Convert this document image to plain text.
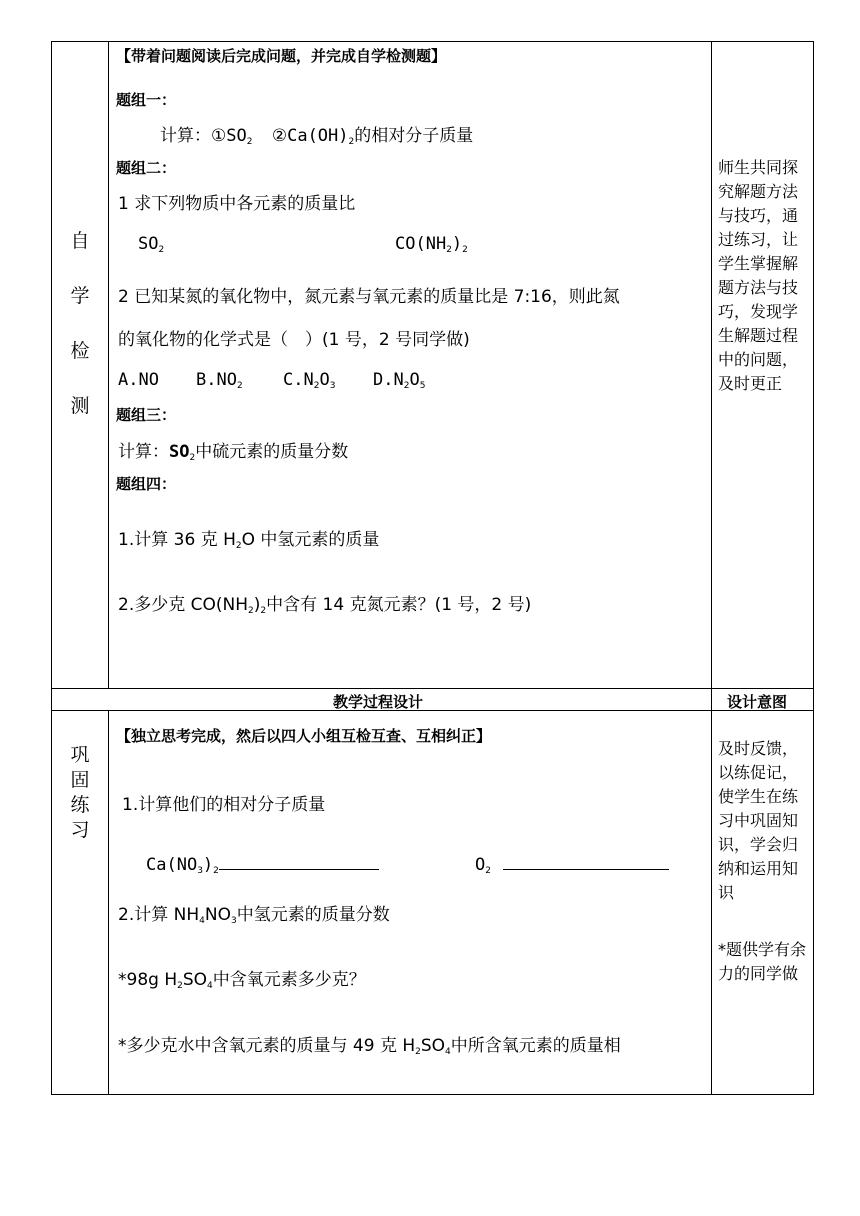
自
学
检
测
【带着问题阅读后完成问题，并完成自学检测题】
题组一：
计算：$①SO_2$ $②Ca(OH)_2$的相对分子质量
题组二：
1 求下列物质中各元素的质量比
$SO_2$	$CO(NH_2)_2$
2 已知某氮的氧化物中，氮元素与氧元素的质量比是 7:16，则此氮
的氧化物的化学式是（　）(1 号，2 号同学做)
A.NO $B.NO_2$ $C.N_2O_3$ $D.N_2O_5$
题组三：
计算：$SO_2$中硫元素的质量分数
题组四：
1.计算 36 克 $H_2O$ 中氢元素的质量
2.多少克 $CO(NH_2)_2$中含有 14 克氮元素？(1 号，2 号)
师生共同探究解题方法与技巧，通过练习，让学生掌握解题方法与技巧，发现学生解题过程中的问题，及时更正
教学过程设计	设计意图
巩
固
练
习
【独立思考完成，然后以四人小组互检互查、互相纠正】
1.计算他们的相对分子质量
$Ca(NO_3)_2$	$O_2$
2.计算 $NH_4NO_3$中氢元素的质量分数
*98g $H_2SO_4$中含氧元素多少克？
*多少克水中含氧元素的质量与 49 克 $H_2SO_4$中所含氧元素的质量相
及时反馈，以练促记，使学生在练习中巩固知识，学会归纳和运用知识
*题供学有余力的同学做
